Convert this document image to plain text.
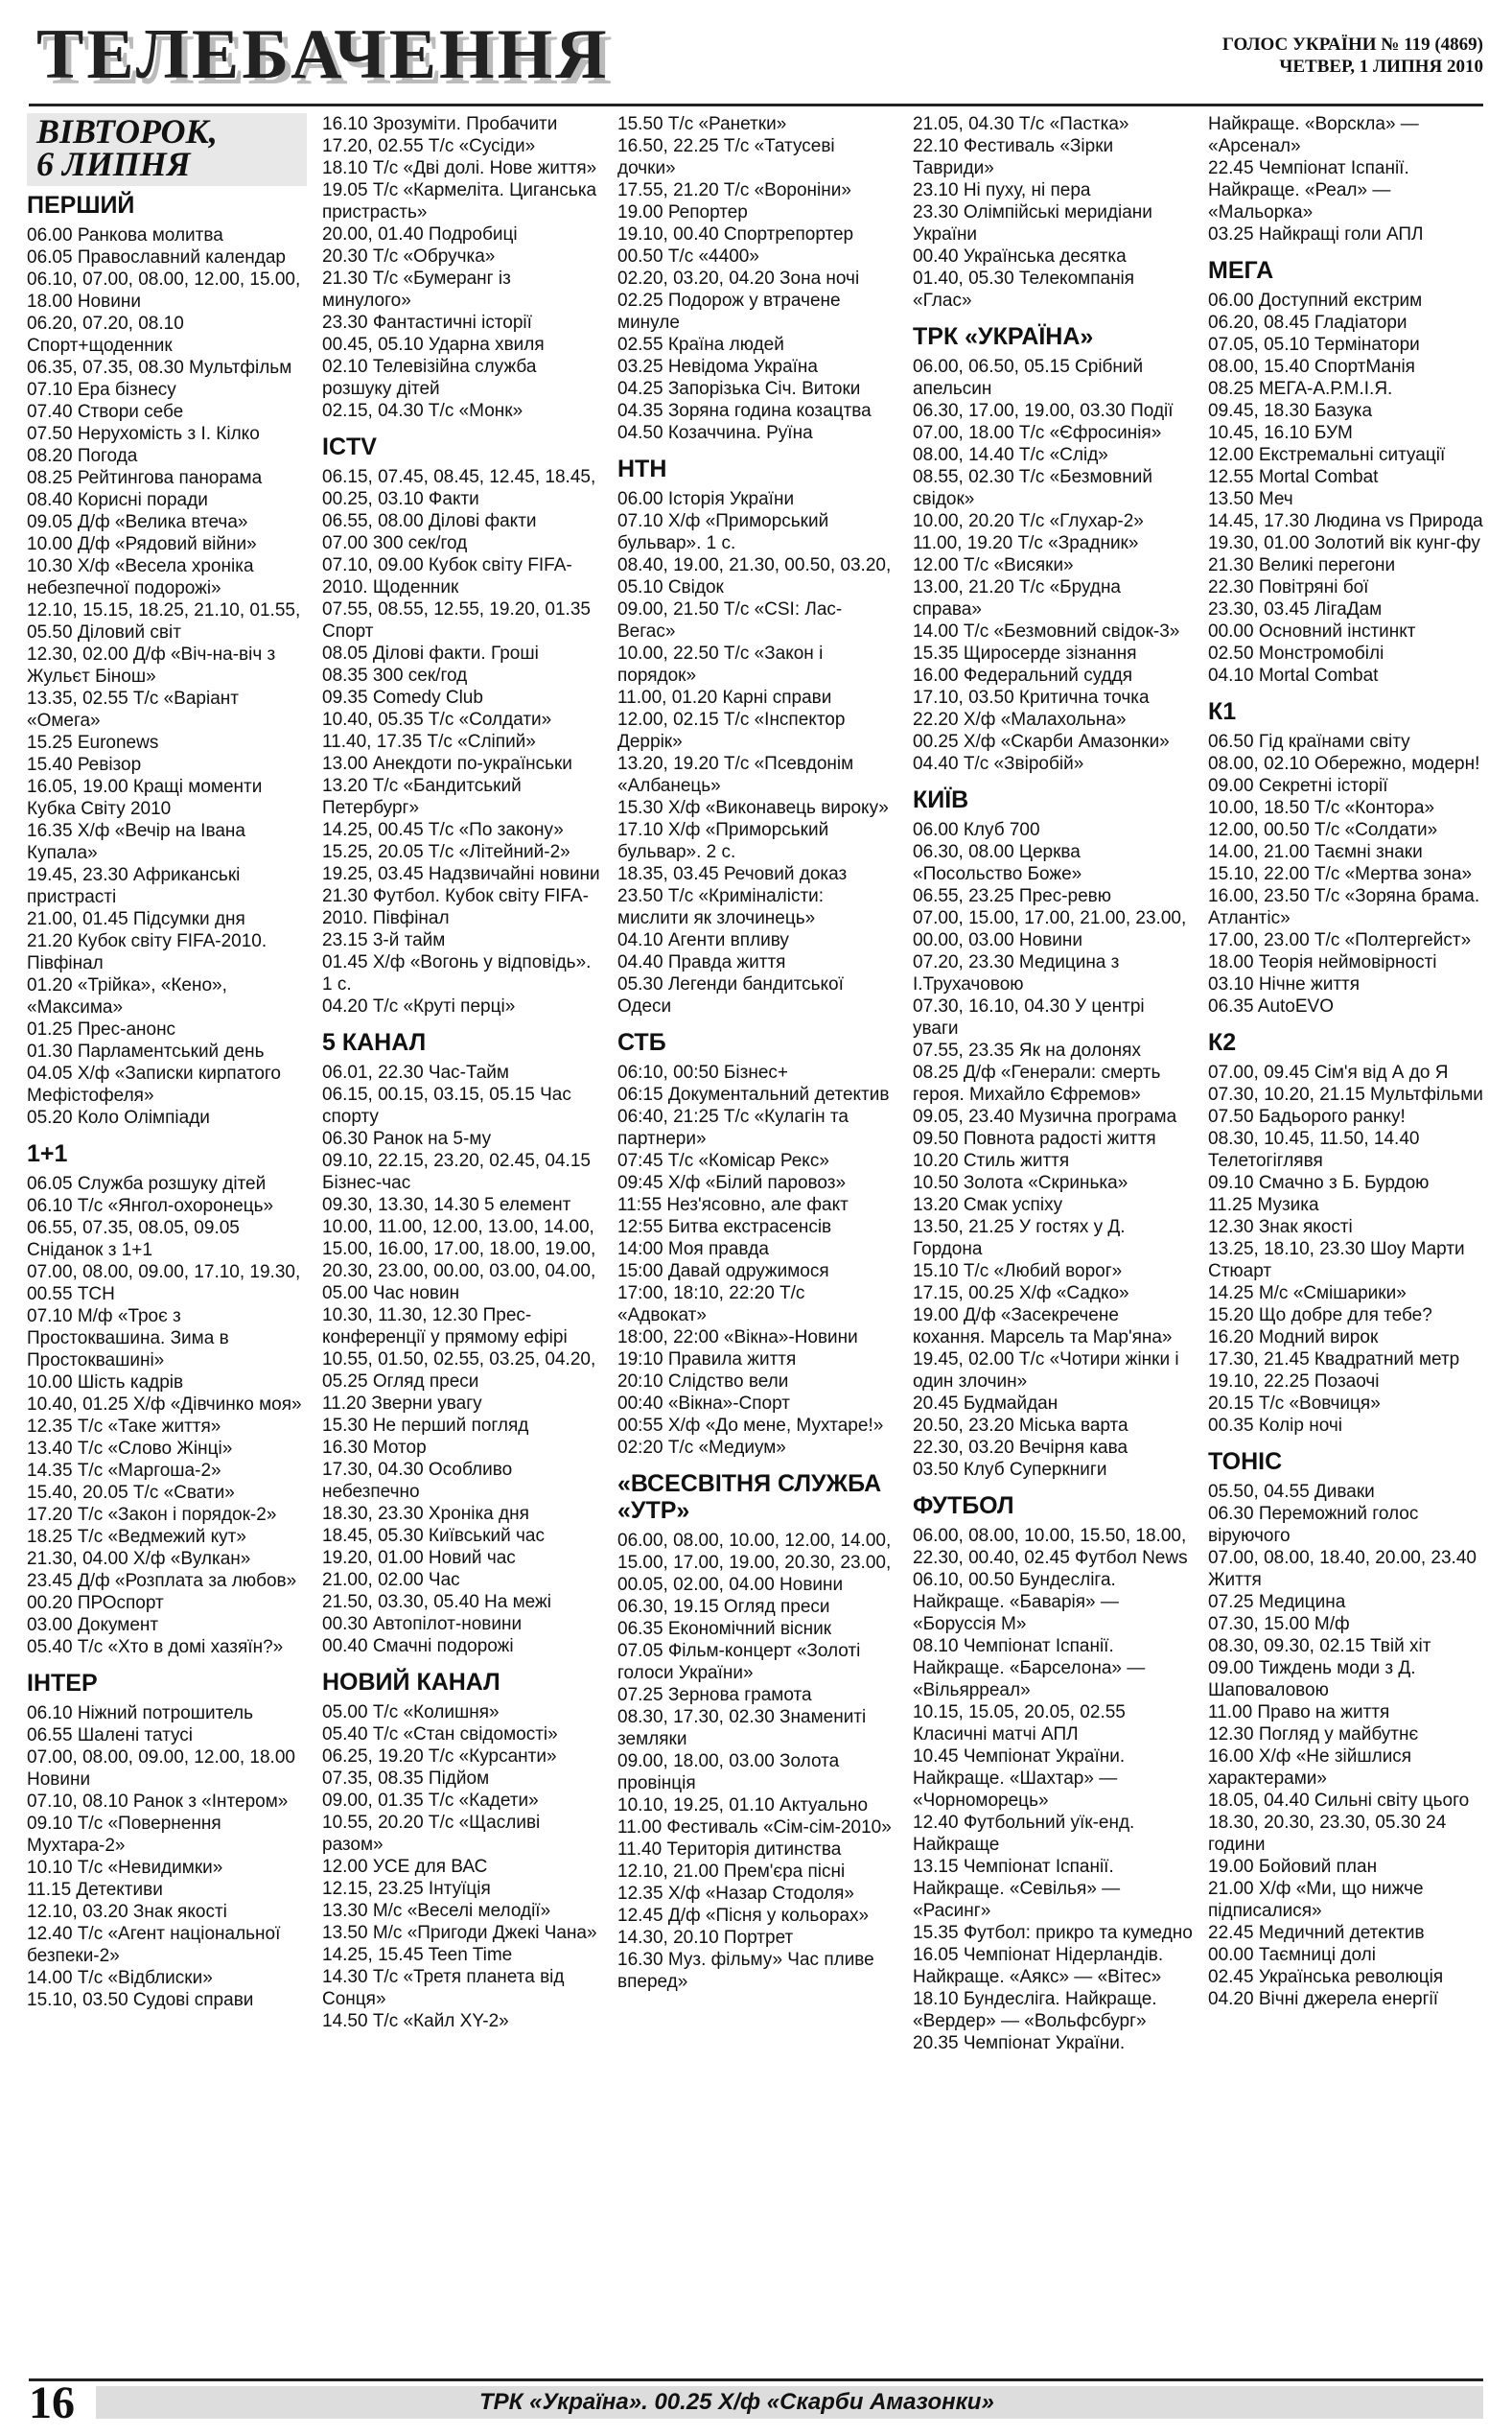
ТЕЛЕБАЧЕННЯ	ГОЛОС УКРАЇНИ № 119 (4869)
ЧЕТВЕР, 1 ЛИПНЯ 2010
ВІВТОРОК,
6 ЛИПНЯ
ПЕРШИЙ
06.00 Ранкова молитва
06.05 Православний календар
06.10, 07.00, 08.00, 12.00, 15.00, 18.00 Новини
06.20, 07.20, 08.10 Спорт+щоденник
06.35, 07.35, 08.30 Мультфільм
07.10 Ера бізнесу
07.40 Створи себе
07.50 Нерухомість з І. Кілко
08.20 Погода
08.25 Рейтингова панорама
08.40 Корисні поради
09.05 Д/ф «Велика втеча»
10.00 Д/ф «Рядовий війни»
10.30 Х/ф «Весела хроніка небезпечної подорожі»
12.10, 15.15, 18.25, 21.10, 01.55, 05.50 Діловий світ
12.30, 02.00 Д/ф «Віч-на-віч з Жульєт Бінош»
13.35, 02.55 Т/с «Варіант «Омега»
15.25 Euronews
15.40 Ревізор
16.05, 19.00 Кращі моменти Кубка Світу 2010
16.35 Х/ф «Вечір на Івана Купала»
19.45, 23.30 Африканські пристрасті
21.00, 01.45 Підсумки дня
21.20 Кубок світу FIFA-2010. Півфінал
01.20 «Трійка», «Кено», «Максима»
01.25 Прес-анонс
01.30 Парламентський день
04.05 Х/ф «Записки кирпатого Мефістофеля»
05.20 Коло Олімпіади
1+1
06.05 Служба розшуку дітей
06.10 Т/с «Янгол-охоронець»
06.55, 07.35, 08.05, 09.05 Сніданок з 1+1
07.00, 08.00, 09.00, 17.10, 19.30, 00.55 ТСН
07.10 М/ф «Троє з Простоквашина. Зима в Простоквашині»
10.00 Шість кадрів
10.40, 01.25 Х/ф «Дівчинко моя»
12.35 Т/с «Таке життя»
13.40 Т/с «Слово Жінці»
14.35 Т/с «Маргоша-2»
15.40, 20.05 Т/с «Свати»
17.20 Т/с «Закон і порядок-2»
18.25 Т/с «Ведмежий кут»
21.30, 04.00 Х/ф «Вулкан»
23.45 Д/ф «Розплата за любов»
00.20 ПРОспорт
03.00 Документ
05.40 Т/с «Хто в домі хазяїн?»
ІНТЕР
06.10 Ніжний потрошитель
06.55 Шалені татусі
07.00, 08.00, 09.00, 12.00, 18.00 Новини
07.10, 08.10 Ранок з «Інтером»
09.10 Т/с «Повернення Мухтара-2»
10.10 Т/с «Невидимки»
11.15 Детективи
12.10, 03.20 Знак якості
12.40 Т/с «Агент національної безпеки-2»
14.00 Т/с «Відблиски»
15.10, 03.50 Судові справи
16.10 Зрозуміти. Пробачити
17.20, 02.55 Т/с «Сусіди»
18.10 Т/с «Дві долі. Нове життя»
19.05 Т/с «Кармеліта. Циганська пристрасть»
20.00, 01.40 Подробиці
20.30 Т/с «Обручка»
21.30 Т/с «Бумеранг із минулого»
23.30 Фантастичні історії
00.45, 05.10 Ударна хвиля
02.10 Телевізійна служба розшуку дітей
02.15, 04.30 Т/с «Монк»
ICTV
06.15, 07.45, 08.45, 12.45, 18.45, 00.25, 03.10 Факти
06.55, 08.00 Ділові факти
07.00 300 сек/год
07.10, 09.00 Кубок світу FIFA-2010. Щоденник
07.55, 08.55, 12.55, 19.20, 01.35 Спорт
08.05 Ділові факти. Гроші
08.35 300 сек/год
09.35 Comedy Club
10.40, 05.35 Т/с «Солдати»
11.40, 17.35 Т/с «Сліпий»
13.00 Анекдоти по-українськи
13.20 Т/с «Бандитський Петербург»
14.25, 00.45 Т/с «По закону»
15.25, 20.05 Т/с «Літейний-2»
19.25, 03.45 Надзвичайні новини
21.30 Футбол. Кубок світу FIFA-2010. Півфінал
23.15 3-й тайм
01.45 Х/ф «Вогонь у відповідь». 1 с.
04.20 Т/с «Круті перці»
5 КАНАЛ
06.01, 22.30 Час-Тайм
06.15, 00.15, 03.15, 05.15 Час спорту
06.30 Ранок на 5-му
09.10, 22.15, 23.20, 02.45, 04.15 Бізнес-час
09.30, 13.30, 14.30 5 елемент
10.00, 11.00, 12.00, 13.00, 14.00, 15.00, 16.00, 17.00, 18.00, 19.00, 20.30, 23.00, 00.00, 03.00, 04.00, 05.00 Час новин
10.30, 11.30, 12.30 Прес-конференції у прямому ефірі
10.55, 01.50, 02.55, 03.25, 04.20, 05.25 Огляд преси
11.20 Зверни увагу
15.30 Не перший погляд
16.30 Мотор
17.30, 04.30 Особливо небезпечно
18.30, 23.30 Хроніка дня
18.45, 05.30 Київський час
19.20, 01.00 Новий час
21.00, 02.00 Час
21.50, 03.30, 05.40 На межі
00.30 Автопілот-новини
00.40 Смачні подорожі
НОВИЙ КАНАЛ
05.00 Т/с «Колишня»
05.40 Т/с «Стан свідомості»
06.25, 19.20 Т/с «Курсанти»
07.35, 08.35 Підйом
09.00, 01.35 Т/с «Кадети»
10.55, 20.20 Т/с «Щасливі разом»
12.00 УСЕ для ВАС
12.15, 23.25 Інтуїція
13.30 М/с «Веселі мелодії»
13.50 М/с «Пригоди Джекі Чана»
14.25, 15.45 Teen Time
14.30 Т/с «Третя планета від Сонця»
14.50 Т/с «Кайл ХY-2»
15.50 Т/с «Ранетки»
16.50, 22.25 Т/с «Татусеві дочки»
17.55, 21.20 Т/с «Вороніни»
19.00 Репортер
19.10, 00.40 Спортрепортер
00.50 Т/с «4400»
02.20, 03.20, 04.20 Зона ночі
02.25 Подорож у втрачене минуле
02.55 Країна людей
03.25 Невідома Україна
04.25 Запорізька Січ. Витоки
04.35 Зоряна година козацтва
04.50 Козаччина. Руїна
НТН
06.00 Історія України
07.10 Х/ф «Приморський бульвар». 1 с.
08.40, 19.00, 21.30, 00.50, 03.20, 05.10 Свідок
09.00, 21.50 Т/с «CSI: Лас-Вегас»
10.00, 22.50 Т/с «Закон і порядок»
11.00, 01.20 Карні справи
12.00, 02.15 Т/с «Інспектор Деррік»
13.20, 19.20 Т/с «Псевдонім «Албанець»
15.30 Х/ф «Виконавець вироку»
17.10 Х/ф «Приморський бульвар». 2 с.
18.35, 03.45 Речовий доказ
23.50 Т/с «Криміналісти: мислити як злочинець»
04.10 Агенти впливу
04.40 Правда життя
05.30 Легенди бандитської Одеси
СТБ
06:10, 00:50 Бізнес+
06:15 Документальний детектив
06:40, 21:25 Т/с «Кулагін та партнери»
07:45 Т/с «Комісар Рекс»
09:45 Х/ф «Білий паровоз»
11:55 Нез'ясовно, але факт
12:55 Битва екстрасенсів
14:00 Моя правда
15:00 Давай одружимося
17:00, 18:10, 22:20 Т/с «Адвокат»
18:00, 22:00 «Вікна»-Новини
19:10 Правила життя
20:10 Слідство вели
00:40 «Вікна»-Спорт
00:55 Х/ф «До мене, Мухтаре!»
02:20 Т/с «Медиум»
«ВСЕСВІТНЯ СЛУЖБА «УТР»
06.00, 08.00, 10.00, 12.00, 14.00, 15.00, 17.00, 19.00, 20.30, 23.00, 00.05, 02.00, 04.00 Новини
06.30, 19.15 Огляд преси
06.35 Економічний вісник
07.05 Фільм-концерт «Золоті голоси України»
07.25 Зернова грамота
08.30, 17.30, 02.30 Знамениті земляки
09.00, 18.00, 03.00 Золота провінція
10.10, 19.25, 01.10 Актуально
11.00 Фестиваль «Сім-сім-2010»
11.40 Територія дитинства
12.10, 21.00 Прем'єра пісні
12.35 Х/ф «Назар Стодоля»
12.45 Д/ф «Пісня у кольорах»
14.30, 20.10 Портрет
16.30 Муз. фільму» Час пливе вперед»
21.05, 04.30 Т/с «Пастка»
22.10 Фестиваль «Зірки Тавриди»
23.10 Ні пуху, ні пера
23.30 Олімпійські меридіани України
00.40 Українська десятка
01.40, 05.30 Телекомпанія «Глас»
ТРК «УКРАЇНА»
06.00, 06.50, 05.15 Срібний апельсин
06.30, 17.00, 19.00, 03.30 Події
07.00, 18.00 Т/с «Єфросинія»
08.00, 14.40 Т/с «Слід»
08.55, 02.30 Т/с «Безмовний свідок»
10.00, 20.20 Т/с «Глухар-2»
11.00, 19.20 Т/с «Зрадник»
12.00 Т/с «Висяки»
13.00, 21.20 Т/с «Брудна справа»
14.00 Т/с «Безмовний свідок-3»
15.35 Щиросерде зізнання
16.00 Федеральний суддя
17.10, 03.50 Критична точка
22.20 Х/ф «Малахольна»
00.25 Х/ф «Скарби Амазонки»
04.40 Т/с «Звіробій»
КИЇВ
06.00 Клуб 700
06.30, 08.00 Церква «Посольство Боже»
06.55, 23.25 Прес-ревю
07.00, 15.00, 17.00, 21.00, 23.00, 00.00, 03.00 Новини
07.20, 23.30 Медицина з І.Трухачовою
07.30, 16.10, 04.30 У центрі уваги
07.55, 23.35 Як на долонях
08.25 Д/ф «Генерали: смерть героя. Михайло Єфремов»
09.05, 23.40 Музична програма
09.50 Повнота радості життя
10.20 Стиль життя
10.50 Золота «Скринька»
13.20 Смак успіху
13.50, 21.25 У гостях у Д. Гордона
15.10 Т/с «Любий ворог»
17.15, 00.25 Х/ф «Садко»
19.00 Д/ф «Засекречене кохання. Марсель та Мар'яна»
19.45, 02.00 Т/с «Чотири жінки і один злочин»
20.45 Будмайдан
20.50, 23.20 Міська варта
22.30, 03.20 Вечірня кава
03.50 Клуб Суперкниги
ФУТБОЛ
06.00, 08.00, 10.00, 15.50, 18.00, 22.30, 00.40, 02.45 Футбол News
06.10, 00.50 Бундесліга. Найкраще. «Баварія» — «Боруссія М»
08.10 Чемпіонат Іспанії. Найкраще. «Барселона» — «Вільярреал»
10.15, 15.05, 20.05, 02.55 Класичні матчі АПЛ
10.45 Чемпіонат України. Найкраще. «Шахтар» — «Чорноморець»
12.40 Футбольний уїк-енд. Найкраще
13.15 Чемпіонат Іспанії. Найкраще. «Севілья» — «Расинг»
15.35 Футбол: прикро та кумедно
16.05 Чемпіонат Нідерландів. Найкраще. «Аякс» — «Вітес»
18.10 Бундесліга. Найкраще. «Вердер» — «Вольфсбург»
20.35 Чемпіонат України.
Найкраще. «Ворскла» — «Арсенал»
22.45 Чемпіонат Іспанії. Найкраще. «Реал» — «Мальорка»
03.25 Найкращі голи АПЛ
МЕГА
06.00 Доступний екстрим
06.20, 08.45 Гладіатори
07.05, 05.10 Термінатори
08.00, 15.40 СпортМанія
08.25 МЕГА-А.Р.М.І.Я.
09.45, 18.30 Базука
10.45, 16.10 БУМ
12.00 Екстремальні ситуації
12.55 Mortal Combat
13.50 Меч
14.45, 17.30 Людина vs Природа
19.30, 01.00 Золотий вік кунг-фу
21.30 Великі перегони
22.30 Повітряні бої
23.30, 03.45 ЛігаДам
00.00 Основний інстинкт
02.50 Монстромобілі
04.10 Mortal Combat
К1
06.50 Гід країнами світу
08.00, 02.10 Обережно, модерн!
09.00 Секретні історії
10.00, 18.50 Т/с «Контора»
12.00, 00.50 Т/с «Солдати»
14.00, 21.00 Таємні знаки
15.10, 22.00 Т/с «Мертва зона»
16.00, 23.50 Т/с «Зоряна брама. Атлантіс»
17.00, 23.00 Т/с «Полтергейст»
18.00 Теорія неймовірності
03.10 Нічне життя
06.35 AutoEVO
К2
07.00, 09.45 Сім'я від А до Я
07.30, 10.20, 21.15 Мультфільми
07.50 Бадьорого ранку!
08.30, 10.45, 11.50, 14.40 Телетогіглявя
09.10 Смачно з Б. Бурдою
11.25 Музика
12.30 Знак якості
13.25, 18.10, 23.30 Шоу Марти Стюарт
14.25 М/с «Смішарики»
15.20 Що добре для тебе?
16.20 Модний вирок
17.30, 21.45 Квадратний метр
19.10, 22.25 Позаочі
20.15 Т/с «Вовчиця»
00.35 Колір ночі
ТОНІС
05.50, 04.55 Диваки
06.30 Переможний голос віруючого
07.00, 08.00, 18.40, 20.00, 23.40 Життя
07.25 Медицина
07.30, 15.00 М/ф
08.30, 09.30, 02.15 Твій хіт
09.00 Тиждень моди з Д. Шаповаловою
11.00 Право на життя
12.30 Погляд у майбутнє
16.00 Х/ф «Не зійшлися характерами»
18.05, 04.40 Сильні світу цього
18.30, 20.30, 23.30, 05.30 24 години
19.00 Бойовий план
21.00 Х/ф «Ми, що нижче підписалися»
22.45 Медичний детектив
00.00 Таємниці долі
02.45 Українська революція
04.20 Вічні джерела енергії
16	ТРК «Україна». 00.25 Х/ф «Скарби Амазонки»
